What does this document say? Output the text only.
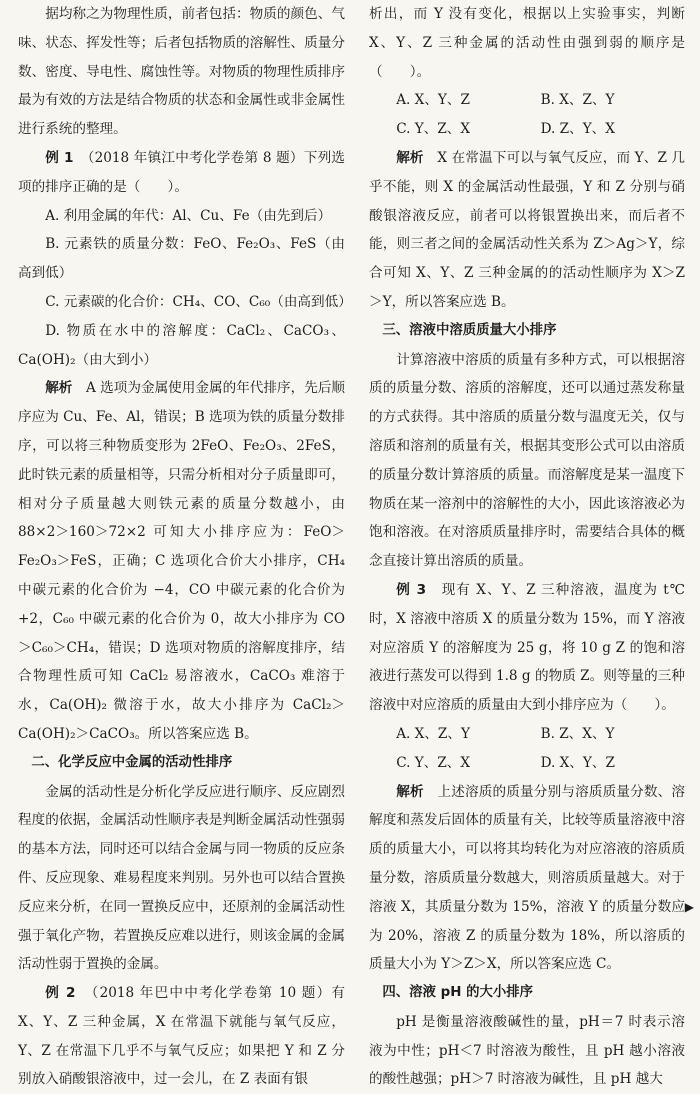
据均称之为物理性质，前者包括：物质的颜色、气味、状态、挥发性等；后者包括物质的溶解性、质量分数、密度、导电性、腐蚀性等。对物质的物理性质排序最为有效的方法是结合物质的状态和金属性或非金属性进行系统的整理。

例 1　 （2018 年镇江中考化学卷第 8 题）下列选项的排序正确的是（　　）。

A. 利用金属的年代：Al、Cu、Fe（由先到后）

B. 元素铁的质量分数：FeO、Fe₂O₃、FeS（由高到低）

C. 元素碳的化合价：CH₄、CO、C₆₀（由高到低）

D. 物质在水中的溶解度：CaCl₂、CaCO₃、Ca(OH)₂（由大到小）

解析　 A 选项为金属使用金属的年代排序，先后顺序应为 Cu、Fe、Al，错误；B 选项为铁的质量分数排序，可以将三种物质变形为 2FeO、Fe₂O₃、2FeS，此时铁元素的质量相等，只需分析相对分子质量即可，相对分子质量越大则铁元素的质量分数越小，由 88×2＞160＞72×2 可知大小排序应为：FeO＞Fe₂O₃＞FeS，正确；C 选项化合价大小排序，CH₄ 中碳元素的化合价为 −4，CO 中碳元素的化合价为 +2，C₆₀ 中碳元素的化合价为 0，故大小排序为 CO＞C₆₀＞CH₄，错误；D 选项对物质的溶解度排序，结合物理性质可知 CaCl₂ 易溶液水，CaCO₃ 难溶于水，Ca(OH)₂ 微溶于水，故大小排序为 CaCl₂＞Ca(OH)₂＞CaCO₃。所以答案应选 B。

二、化学反应中金属的活动性排序

金属的活动性是分析化学反应进行顺序、反应剧烈程度的依据，金属活动性顺序表是判断金属活动性强弱的基本方法，同时还可以结合金属与同一物质的反应条件、反应现象、难易程度来判别。另外也可以结合置换反应来分析，在同一置换反应中，还原剂的金属活动性强于氧化产物，若置换反应难以进行，则该金属的金属活动性弱于置换的金属。

例 2　 （2018 年巴中中考化学卷第 10 题）有 X、Y、Z 三种金属，X 在常温下就能与氧气反应，Y、Z 在常温下几乎不与氧气反应；如果把 Y 和 Z 分别放入硝酸银溶液中，过一会儿，在 Z 表面有银

析出，而 Y 没有变化，根据以上实验事实，判断 X、Y、Z 三种金属的活动性由强到弱的顺序是（　　）。

A. X、Y、Z	B. X、Z、Y
C. Y、Z、X	D. Z、Y、X

解析　 X 在常温下可以与氧气反应，而 Y、Z 几乎不能，则 X 的金属活动性最强，Y 和 Z 分别与硝酸银溶液反应，前者可以将银置换出来，而后者不能，则三者之间的金属活动性关系为 Z＞Ag＞Y，综合可知 X、Y、Z 三种金属的的活动性顺序为 X＞Z＞Y，所以答案应选 B。

三、溶液中溶质质量大小排序

计算溶液中溶质的质量有多种方式，可以根据溶质的质量分数、溶质的溶解度，还可以通过蒸发称量的方式获得。其中溶质的质量分数与温度无关，仅与溶质和溶剂的质量有关，根据其变形公式可以由溶质的质量分数计算溶质的质量。而溶解度是某一温度下物质在某一溶剂中的溶解性的大小，因此该溶液必为饱和溶液。在对溶质质量排序时，需要结合具体的概念直接计算出溶质的质量。

例 3　 现有 X、Y、Z 三种溶液，温度为 t℃ 时，X 溶液中溶质 X 的质量分数为 15%，而 Y 溶液对应溶质 Y 的溶解度为 25 g，将 10 g Z 的饱和溶液进行蒸发可以得到 1.8 g 的物质 Z。则等量的三种溶液中对应溶质的质量由大到小排序应为（　　）。

A. X、Z、Y	B. Z、X、Y
C. Y、Z、X	D. X、Y、Z

解析　 上述溶质的质量分别与溶质质量分数、溶解度和蒸发后固体的质量有关，比较等质量溶液中溶质的质量大小，可以将其均转化为对应溶液的溶质质量分数，溶质质量分数越大，则溶质质量越大。对于溶液 X，其质量分数为 15%，溶液 Y 的质量分数应为 20%，溶液 Z 的质量分数为 18%，所以溶质的质量大小为 Y＞Z＞X，所以答案应选 C。

四、溶液 pH 的大小排序

pH 是衡量溶液酸碱性的量，pH＝7 时表示溶液为中性；pH＜7 时溶液为酸性，且 pH 越小溶液的酸性越强；pH＞7 时溶液为碱性，且 pH 越大

▶
